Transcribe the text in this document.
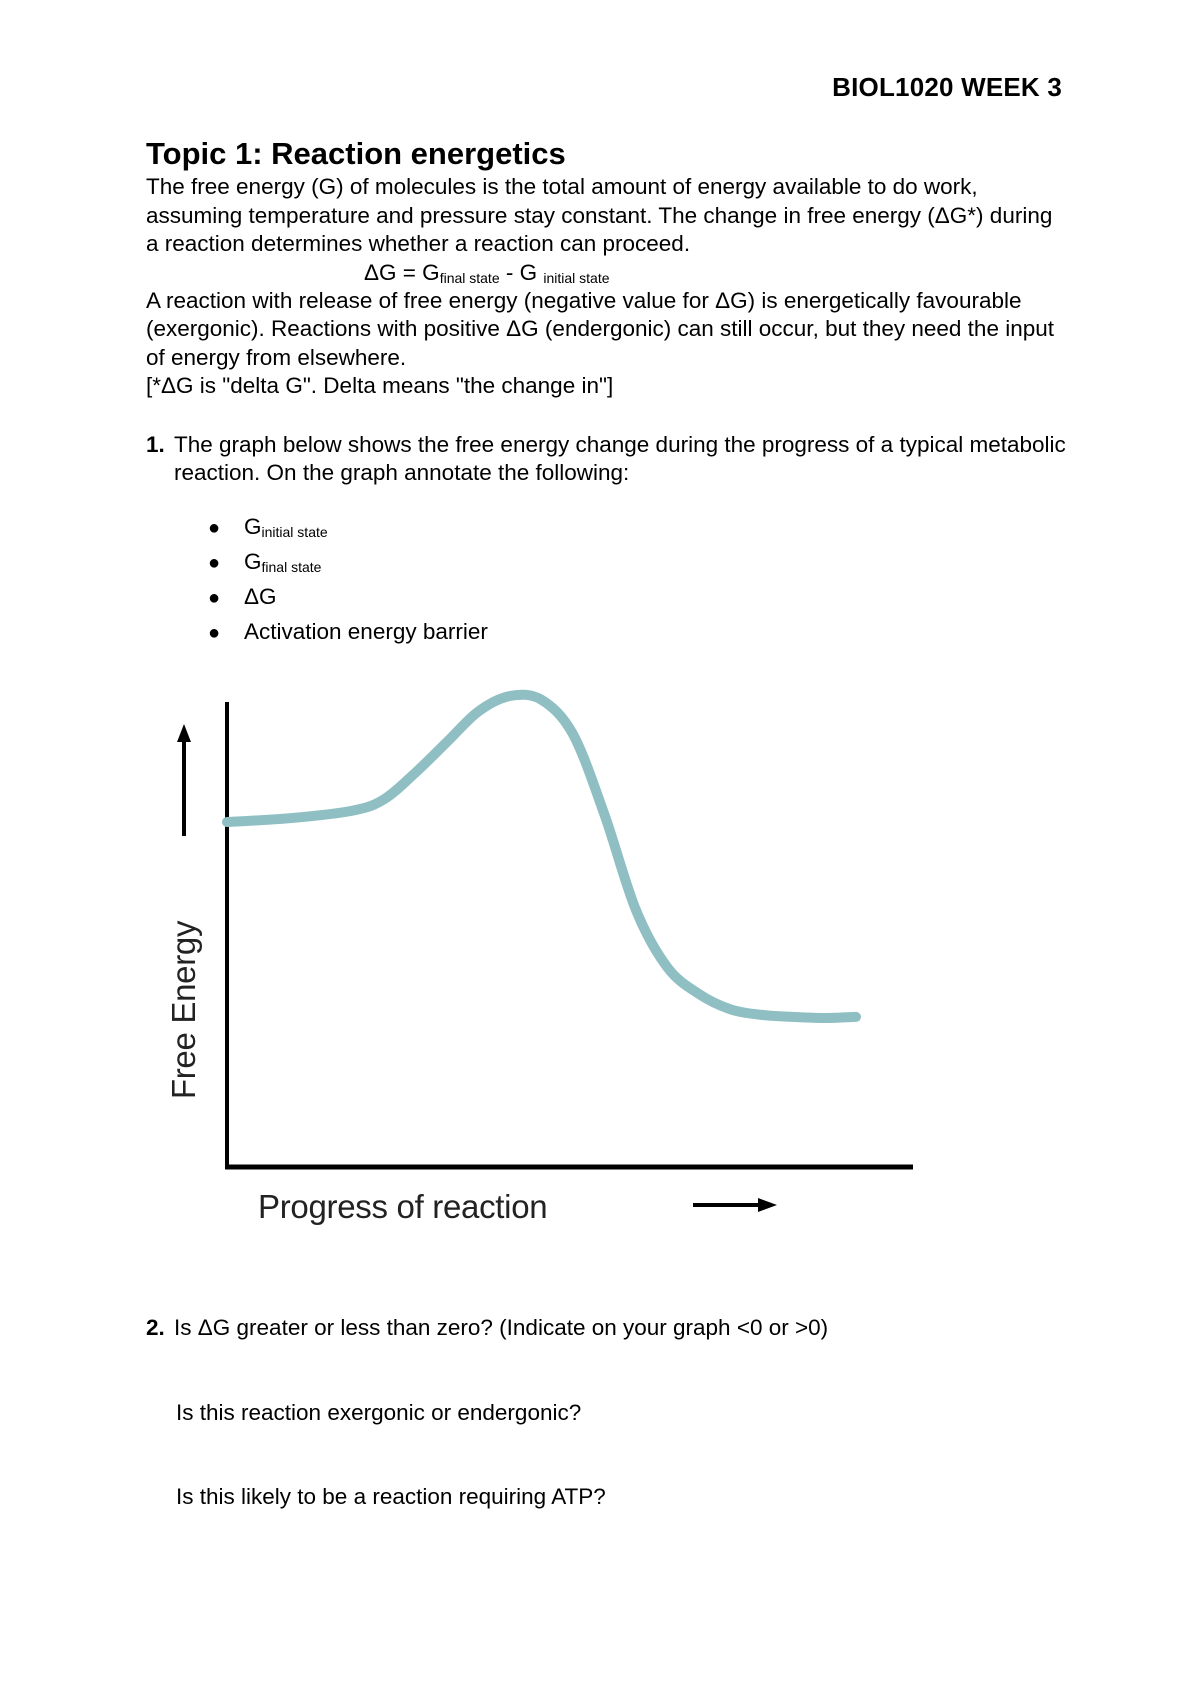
BIOL1020 WEEK 3
Topic 1: Reaction energetics

The free energy (G) of molecules is the total amount of energy available to do work, assuming temperature and pressure stay constant. The change in free energy (ΔG*) during a reaction determines whether a reaction can proceed.

$\Delta G = G_{final state} - G$ $_{initial state}$

A reaction with release of free energy (negative value for ΔG) is energetically favourable (exergonic). Reactions with positive ΔG (endergonic) can still occur, but they need the input of energy from elsewhere.

[*ΔG is "delta G". Delta means "the change in"]

1. The graph below shows the free energy change during the progress of a typical metabolic reaction. On the graph annotate the following:
●	$G_{initial state}$
●	$G_{final state}$
●	ΔG
●	Activation energy barrier
Free Energy
Progress of reaction
2. Is ΔG greater or less than zero? (Indicate on your graph <0 or >0)

Is this reaction exergonic or endergonic?

Is this likely to be a reaction requiring ATP?
